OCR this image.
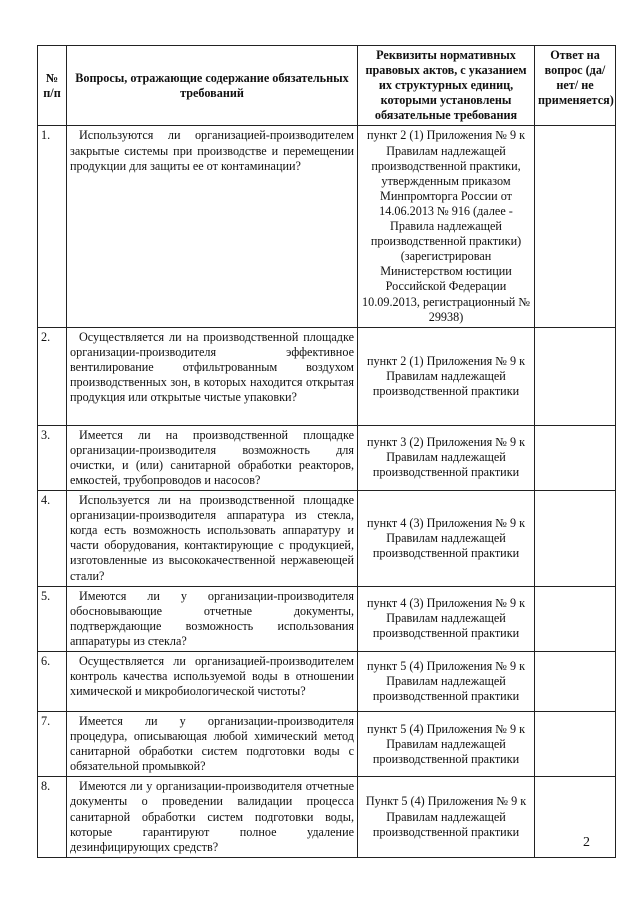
№ п/п	Вопросы, отражающие содержание обязательных требований	Реквизиты нормативных правовых актов, с указанием их структурных единиц, которыми установлены обязательные требования	Ответ на вопрос (да/нет/ не применяется)
1.	Используются ли организацией-производителем закрытые системы при производстве и перемещении продукции для защиты ее от контаминации?	пункт 2 (1) Приложения № 9 к Правилам надлежащей производственной практики, утвержденным приказом Минпромторга России от 14.06.2013 № 916 (далее - Правила надлежащей производственной практики) (зарегистрирован Министерством юстиции Российской Федерации 10.09.2013, регистрационный № 29938)	
2.	Осуществляется ли на производственной площадке организации-производителя эффективное вентилирование отфильтрованным воздухом производственных зон, в которых находится открытая продукция или открытые чистые упаковки?	пункт 2 (1) Приложения № 9 к Правилам надлежащей производственной практики	
3.	Имеется ли на производственной площадке организации-производителя возможность для очистки, и (или) санитарной обработки реакторов, емкостей, трубопроводов и насосов?	пункт 3 (2) Приложения № 9 к Правилам надлежащей производственной практики	
4.	Используется ли на производственной площадке организации-производителя аппаратура из стекла, когда есть возможность использовать аппаратуру и части оборудования, контактирующие с продукцией, изготовленные из высококачественной нержавеющей стали?	пункт 4 (3) Приложения № 9 к Правилам надлежащей производственной практики	
5.	Имеются ли у организации-производителя обосновывающие отчетные документы, подтверждающие возможность использования аппаратуры из стекла?	пункт 4 (3) Приложения № 9 к Правилам надлежащей производственной практики	
6.	Осуществляется ли организацией-производителем контроль качества используемой воды в отношении химической и микробиологической чистоты?	пункт 5 (4) Приложения № 9 к Правилам надлежащей производственной практики	
7.	Имеется ли у организации-производителя процедура, описывающая любой химический метод санитарной обработки систем подготовки воды с обязательной промывкой?	пункт 5 (4) Приложения № 9 к Правилам надлежащей производственной практики	
8.	Имеются ли у организации-производителя отчетные документы о проведении валидации процесса санитарной обработки систем подготовки воды, которые гарантируют полное удаление дезинфицирующих средств?	Пункт 5 (4) Приложения № 9 к Правилам надлежащей производственной практики	
2
